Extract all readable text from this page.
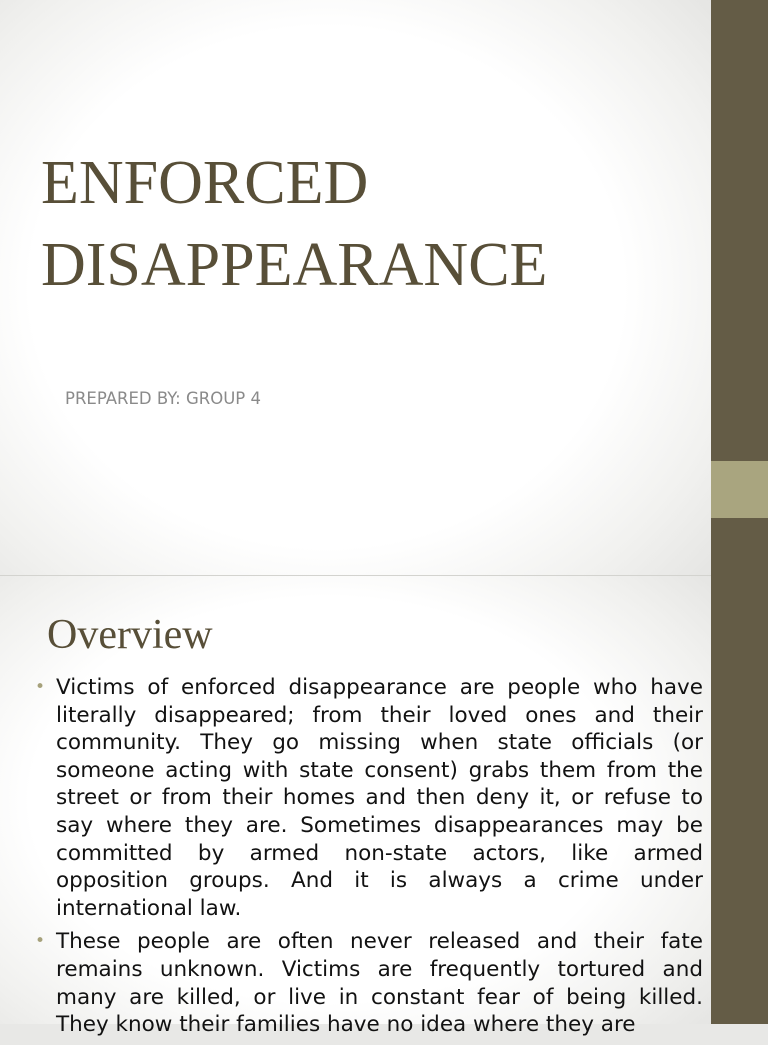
ENFORCED
DISAPPEARANCE
PREPARED BY: GROUP 4
Overview
• Victims of enforced disappearance are people who have literally disappeared; from their loved ones and their community. They go missing when state officials (or someone acting with state consent) grabs them from the street or from their homes and then deny it, or refuse to say where they are. Sometimes disappearances may be committed by armed non-state actors, like armed opposition groups. And it is always a crime under international law.
• These people are often never released and their fate remains unknown. Victims are frequently tortured and many are killed, or live in constant fear of being killed. They know their families have no idea where they are
